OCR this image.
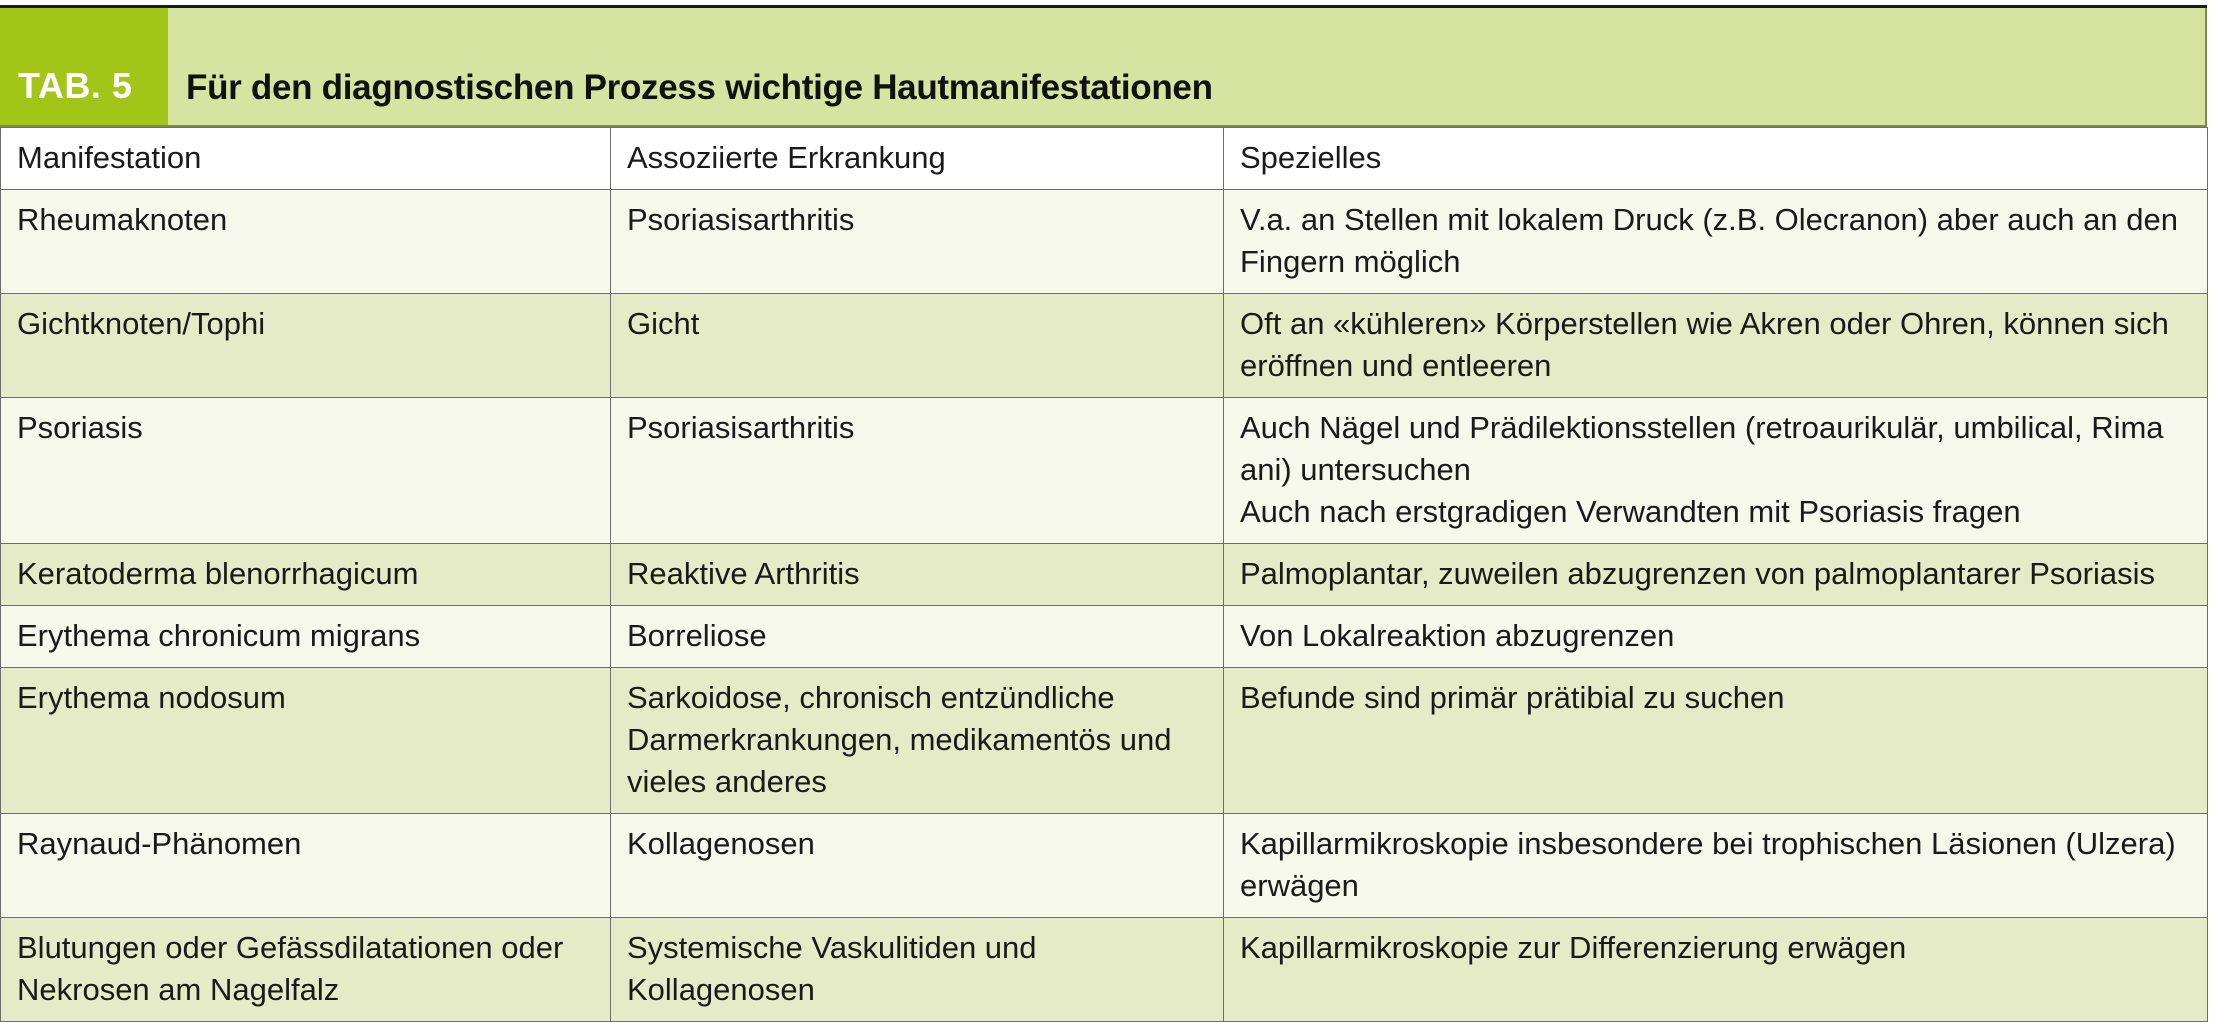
TAB. 5	Für den diagnostischen Prozess wichtige Hautmanifestationen
Manifestation	Assoziierte Erkrankung	Spezielles
Rheumaknoten	Psoriasisarthritis	V.a. an Stellen mit lokalem Druck (z.B. Olecranon) aber auch an den Fingern möglich

Gichtknoten/Tophi	Gicht	Oft an «kühleren» Körperstellen wie Akren oder Ohren, können sich eröffnen und entleeren

Psoriasis	Psoriasisarthritis	Auch Nägel und Prädilektionsstellen (retroaurikulär, umbilical, Rima ani) untersuchen
Auch nach erstgradigen Verwandten mit Psoriasis fragen

Keratoderma blenorrhagicum	Reaktive Arthritis	Palmoplantar, zuweilen abzugrenzen von palmoplantarer Psoriasis

Erythema chronicum migrans	Borreliose	Von Lokalreaktion abzugrenzen

Erythema nodosum	Sarkoidose, chronisch entzündliche Darmerkrankungen, medikamentös und vieles anderes	Befunde sind primär prätibial zu suchen

Raynaud-Phänomen	Kollagenosen	Kapillarmikroskopie insbesondere bei trophischen Läsionen (Ulzera) erwägen

Blutungen oder Gefässdilatationen oder Nekrosen am Nagelfalz	Systemische Vaskulitiden und Kollagenosen	Kapillarmikroskopie zur Differenzierung erwägen
